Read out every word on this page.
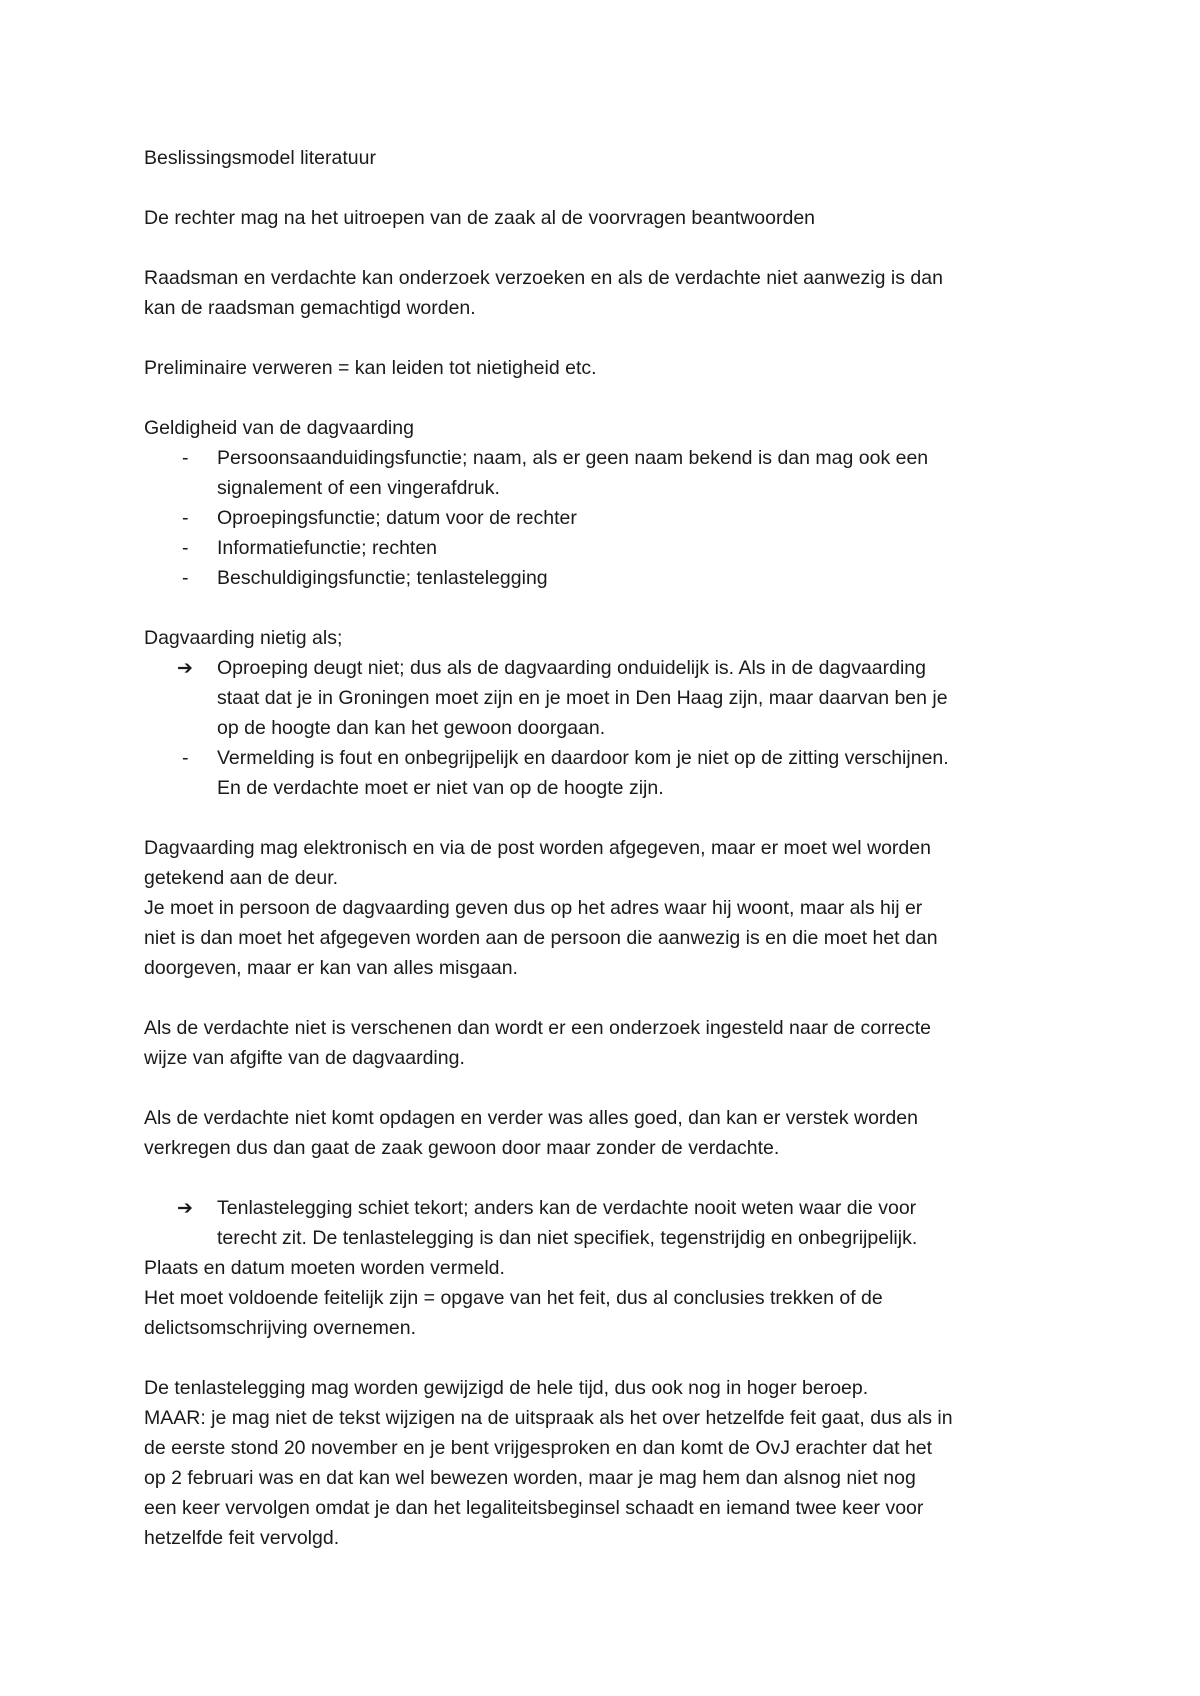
Beslissingsmodel literatuur

De rechter mag na het uitroepen van de zaak al de voorvragen beantwoorden

Raadsman en verdachte kan onderzoek verzoeken en als de verdachte niet aanwezig is dan
kan de raadsman gemachtigd worden.

Preliminaire verweren = kan leiden tot nietigheid etc.

Geldigheid van de dagvaarding
-	Persoonsaanduidingsfunctie; naam, als er geen naam bekend is dan mag ook een
signalement of een vingerafdruk.
-	Oproepingsfunctie; datum voor de rechter
-	Informatiefunctie; rechten
-	Beschuldigingsfunctie; tenlastelegging
Dagvaarding nietig als;
➔	Oproeping deugt niet; dus als de dagvaarding onduidelijk is. Als in de dagvaarding
staat dat je in Groningen moet zijn en je moet in Den Haag zijn, maar daarvan ben je
op de hoogte dan kan het gewoon doorgaan.
-	Vermelding is fout en onbegrijpelijk en daardoor kom je niet op de zitting verschijnen.
En de verdachte moet er niet van op de hoogte zijn.

Dagvaarding mag elektronisch en via de post worden afgegeven, maar er moet wel worden
getekend aan de deur.
Je moet in persoon de dagvaarding geven dus op het adres waar hij woont, maar als hij er
niet is dan moet het afgegeven worden aan de persoon die aanwezig is en die moet het dan
doorgeven, maar er kan van alles misgaan.

Als de verdachte niet is verschenen dan wordt er een onderzoek ingesteld naar de correcte
wijze van afgifte van de dagvaarding.

Als de verdachte niet komt opdagen en verder was alles goed, dan kan er verstek worden
verkregen dus dan gaat de zaak gewoon door maar zonder de verdachte.

➔	Tenlastelegging schiet tekort; anders kan de verdachte nooit weten waar die voor
terecht zit. De tenlastelegging is dan niet specifiek, tegenstrijdig en onbegrijpelijk.
Plaats en datum moeten worden vermeld.
Het moet voldoende feitelijk zijn = opgave van het feit, dus al conclusies trekken of de
delictsomschrijving overnemen.

De tenlastelegging mag worden gewijzigd de hele tijd, dus ook nog in hoger beroep.
MAAR: je mag niet de tekst wijzigen na de uitspraak als het over hetzelfde feit gaat, dus als in
de eerste stond 20 november en je bent vrijgesproken en dan komt de OvJ erachter dat het
op 2 februari was en dat kan wel bewezen worden, maar je mag hem dan alsnog niet nog
een keer vervolgen omdat je dan het legaliteitsbeginsel schaadt en iemand twee keer voor
hetzelfde feit vervolgd.
